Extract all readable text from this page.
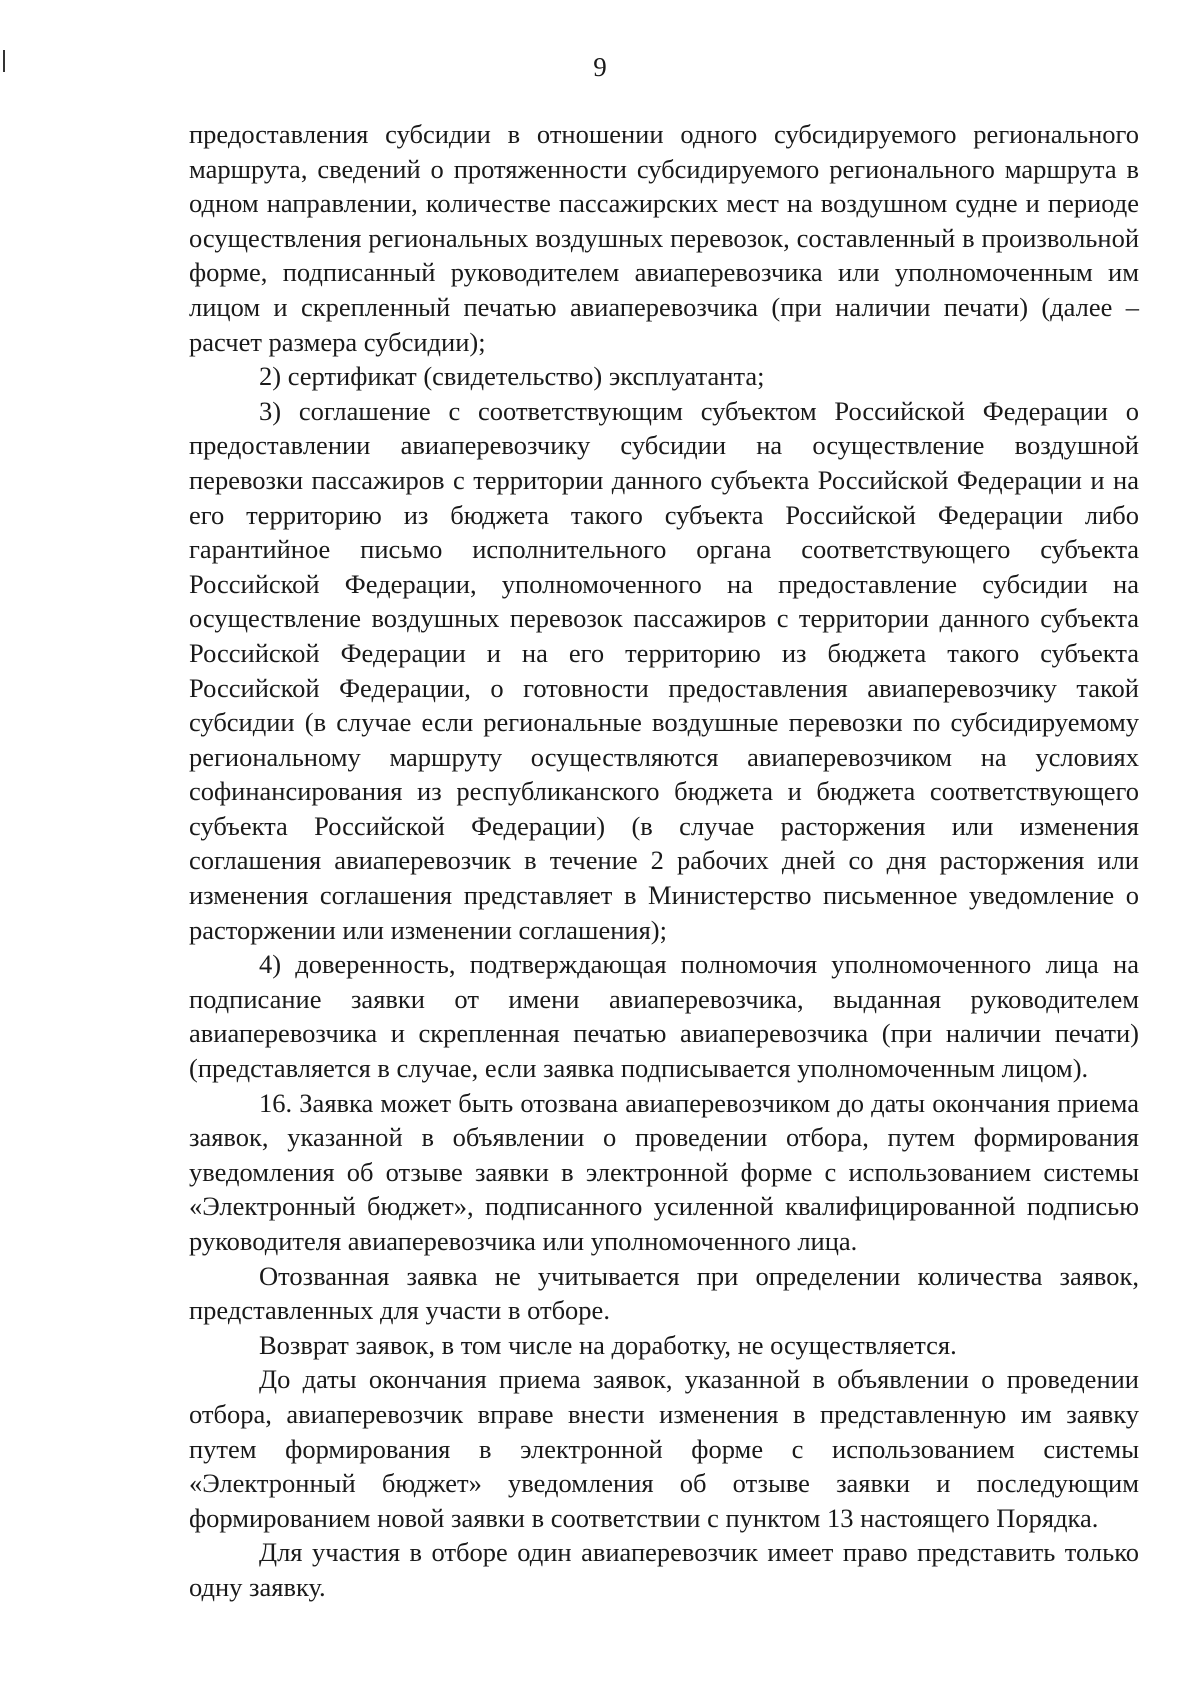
9

предоставления субсидии в отношении одного субсидируемого регионального маршрута, сведений о протяженности субсидируемого регионального маршрута в одном направлении, количестве пассажирских мест на воздушном судне и периоде осуществления региональных воздушных перевозок, составленный в произвольной форме, подписанный руководителем авиаперевозчика или уполномоченным им лицом и скрепленный печатью авиаперевозчика (при наличии печати) (далее – расчет размера субсидии);

2) сертификат (свидетельство) эксплуатанта;

3) соглашение с соответствующим субъектом Российской Федерации о предоставлении авиаперевозчику субсидии на осуществление воздушной перевозки пассажиров с территории данного субъекта Российской Федерации и на его территорию из бюджета такого субъекта Российской Федерации либо гарантийное письмо исполнительного органа соответствующего субъекта Российской Федерации, уполномоченного на предоставление субсидии на осуществление воздушных перевозок пассажиров с территории данного субъекта Российской Федерации и на его территорию из бюджета такого субъекта Российской Федерации, о готовности предоставления авиаперевозчику такой субсидии (в случае если региональные воздушные перевозки по субсидируемому региональному маршруту осуществляются авиаперевозчиком на условиях софинансирования из республиканского бюджета и бюджета соответствующего субъекта Российской Федерации) (в случае расторжения или изменения соглашения авиаперевозчик в течение 2 рабочих дней со дня расторжения или изменения соглашения представляет в Министерство письменное уведомление о расторжении или изменении соглашения);

4) доверенность, подтверждающая полномочия уполномоченного лица на подписание заявки от имени авиаперевозчика, выданная руководителем авиаперевозчика и скрепленная печатью авиаперевозчика (при наличии печати) (представляется в случае, если заявка подписывается уполномоченным лицом).

16. Заявка может быть отозвана авиаперевозчиком до даты окончания приема заявок, указанной в объявлении о проведении отбора, путем формирования уведомления об отзыве заявки в электронной форме с использованием системы «Электронный бюджет», подписанного усиленной квалифицированной подписью руководителя авиаперевозчика или уполномоченного лица.

Отозванная заявка не учитывается при определении количества заявок, представленных для участи в отборе.

Возврат заявок, в том числе на доработку, не осуществляется.

До даты окончания приема заявок, указанной в объявлении о проведении отбора, авиаперевозчик вправе внести изменения в представленную им заявку путем формирования в электронной форме с использованием системы «Электронный бюджет» уведомления об отзыве заявки и последующим формированием новой заявки в соответствии с пунктом 13 настоящего Порядка.

Для участия в отборе один авиаперевозчик имеет право представить только одну заявку.
